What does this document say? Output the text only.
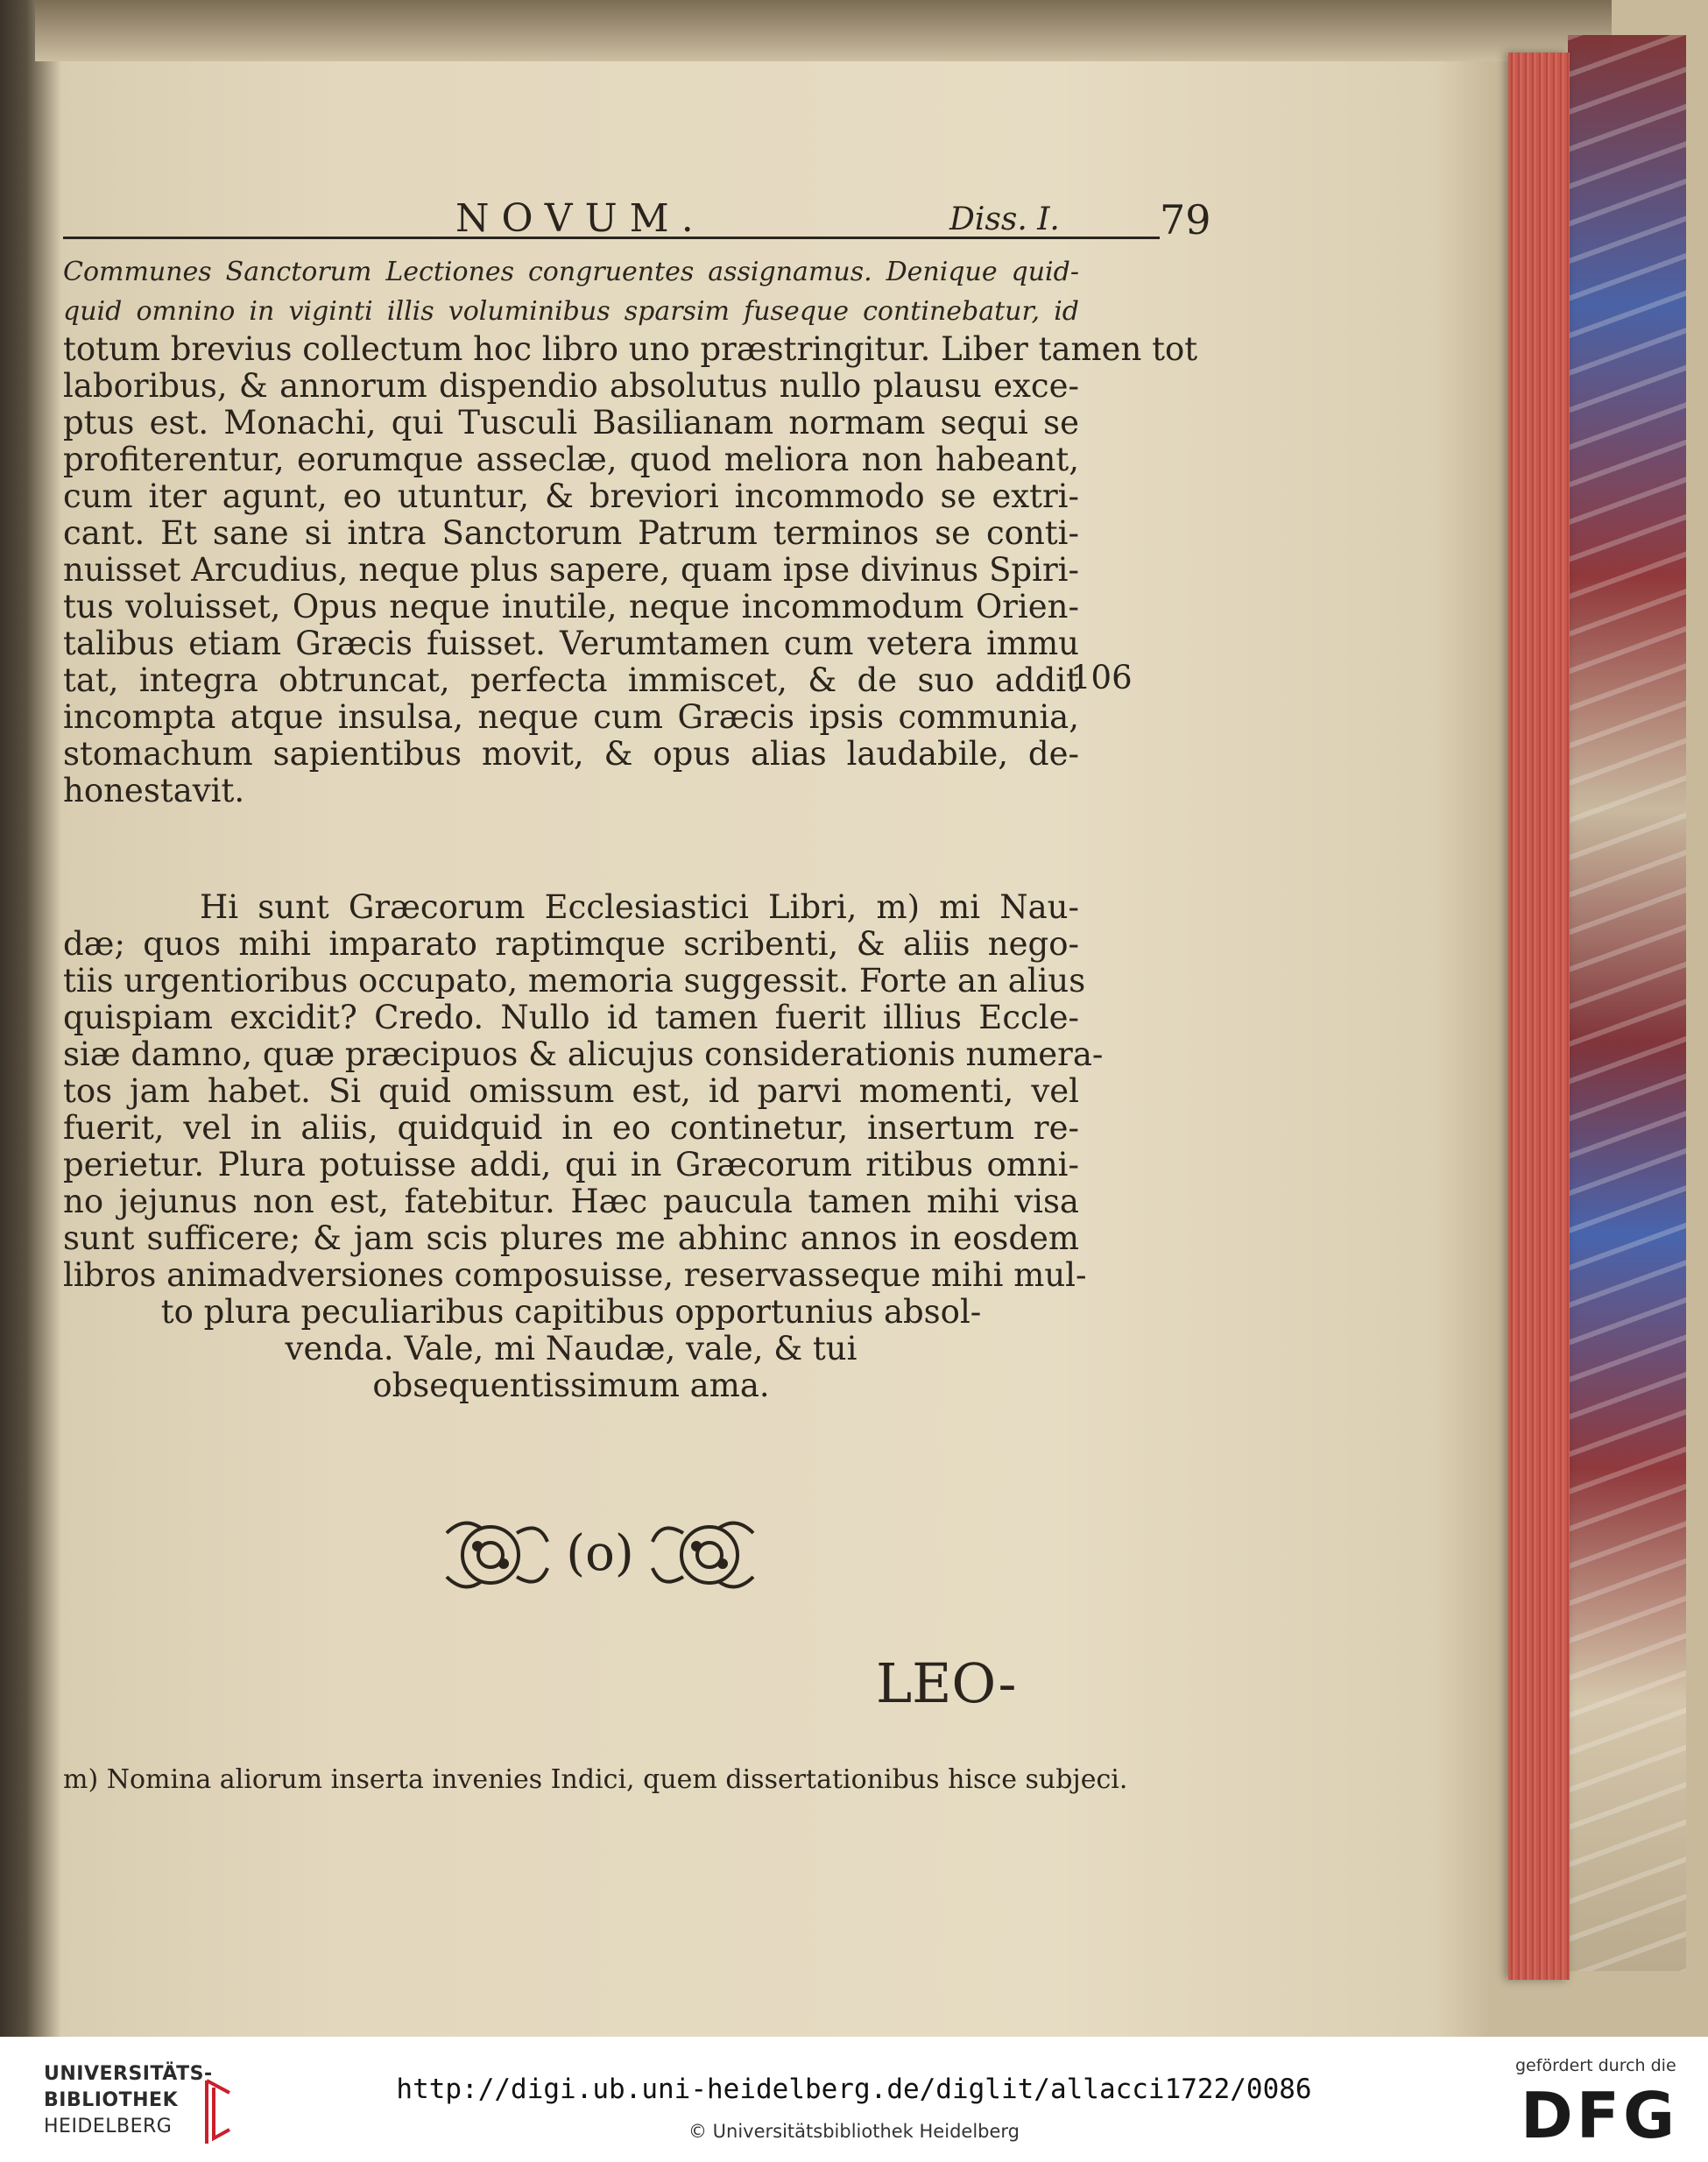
NOVUM.	Diss. I. 79
Communes Sanctorum Lectiones congruentes assignamus. Denique quid-
quid omnino in viginti illis voluminibus sparsim fuseque continebatur, id
totum brevius collectum hoc libro uno præstringitur. Liber tamen tot
laboribus, & annorum dispendio absolutus nullo plausu exce-
ptus est. Monachi, qui Tusculi Basilianam normam sequi se
profiterentur, eorumque asseclæ, quod meliora non habeant,
cum iter agunt, eo utuntur, & breviori incommodo se extri-
cant. Et sane si intra Sanctorum Patrum terminos se conti-
nuisset Arcudius, neque plus sapere, quam ipse divinus Spiri-
tus voluisset, Opus neque inutile, neque incommodum Orien-
talibus etiam Græcis fuisset. Verumtamen cum vetera immu
tat, integra obtruncat, perfecta immiscet, & de suo addit
incompta atque insulsa, neque cum Græcis ipsis communia,
stomachum sapientibus movit, & opus alias laudabile, de-
honestavit.
106
Hi sunt Græcorum Ecclesiastici Libri, m) mi Nau-
dæ; quos mihi imparato raptimque scribenti, & aliis nego-
tiis urgentioribus occupato, memoria suggessit. Forte an alius
quispiam excidit? Credo. Nullo id tamen fuerit illius Eccle-
siæ damno, quæ præcipuos & alicujus considerationis numera-
tos jam habet. Si quid omissum est, id parvi momenti, vel
fuerit, vel in aliis, quidquid in eo continetur, insertum re-
perietur. Plura potuisse addi, qui in Græcorum ritibus omni-
no jejunus non est, fatebitur. Hæc paucula tamen mihi visa
sunt sufficere; & jam scis plures me abhinc annos in eosdem
libros animadversiones composuisse, reservasseque mihi mul-
to plura peculiaribus capitibus opportunius absol-
venda. Vale, mi Naudæ, vale, & tui
obsequentissimum ama.
(o)
LEO-
m) Nomina aliorum inserta invenies Indici, quem dissertationibus hisce subjeci.
UNIVERSITÄTS-
BIBLIOTHEK
HEIDELBERG
http://digi.ub.uni-heidelberg.de/diglit/allacci1722/0086
© Universitätsbibliothek Heidelberg
gefördert durch die
DFG
